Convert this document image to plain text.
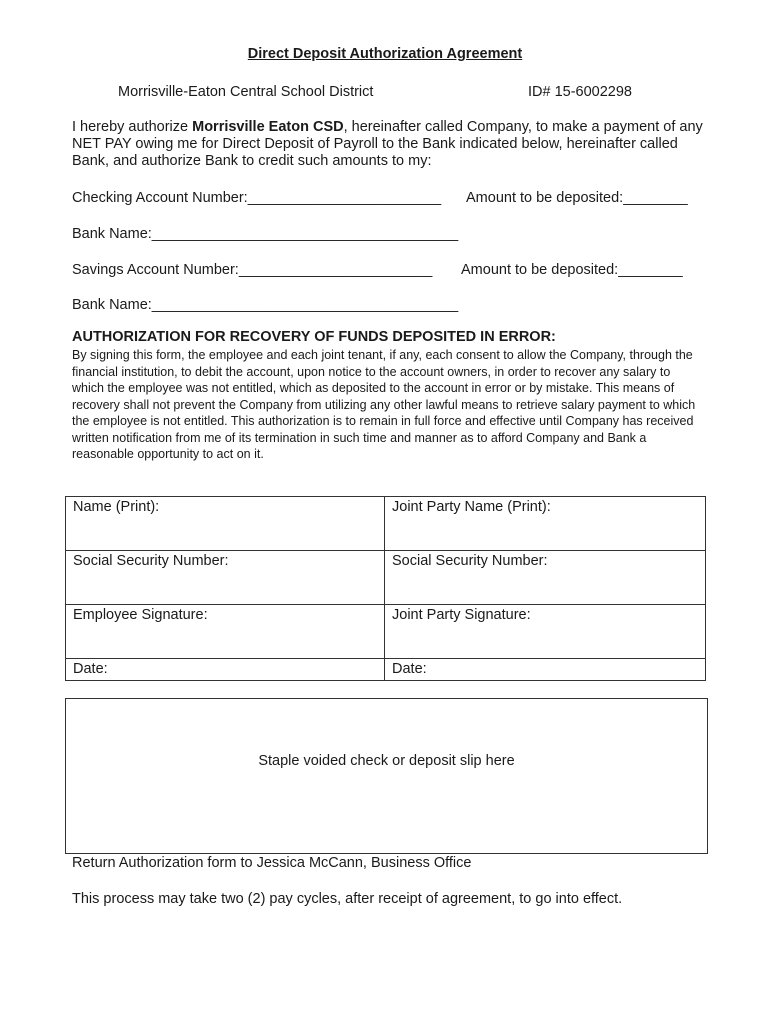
Direct Deposit Authorization Agreement
Morrisville-Eaton Central School District	ID# 15-6002298
I hereby authorize Morrisville Eaton CSD, hereinafter called Company, to make a payment of any NET PAY owing me for Direct Deposit of Payroll to the Bank indicated below, hereinafter called Bank, and authorize Bank to credit such amounts to my:
Checking Account Number:________________________ Amount to be deposited:________
Bank Name:______________________________________
Savings Account Number:________________________ Amount to be deposited:________
Bank Name:______________________________________
AUTHORIZATION FOR RECOVERY OF FUNDS DEPOSITED IN ERROR:
By signing this form, the employee and each joint tenant, if any, each consent to allow the Company, through the financial institution, to debit the account, upon notice to the account owners, in order to recover any salary to which the employee was not entitled, which as deposited to the account in error or by mistake. This means of recovery shall not prevent the Company from utilizing any other lawful means to retrieve salary payment to which the employee is not entitled. This authorization is to remain in full force and effective until Company has received written notification from me of its termination in such time and manner as to afford Company and Bank a reasonable opportunity to act on it.
Name (Print):	Joint Party Name (Print):
Social Security Number:	Social Security Number:
Employee Signature:	Joint Party Signature:
Date:	Date:
Staple voided check or deposit slip here
Return Authorization form to Jessica McCann, Business Office
This process may take two (2) pay cycles, after receipt of agreement, to go into effect.
